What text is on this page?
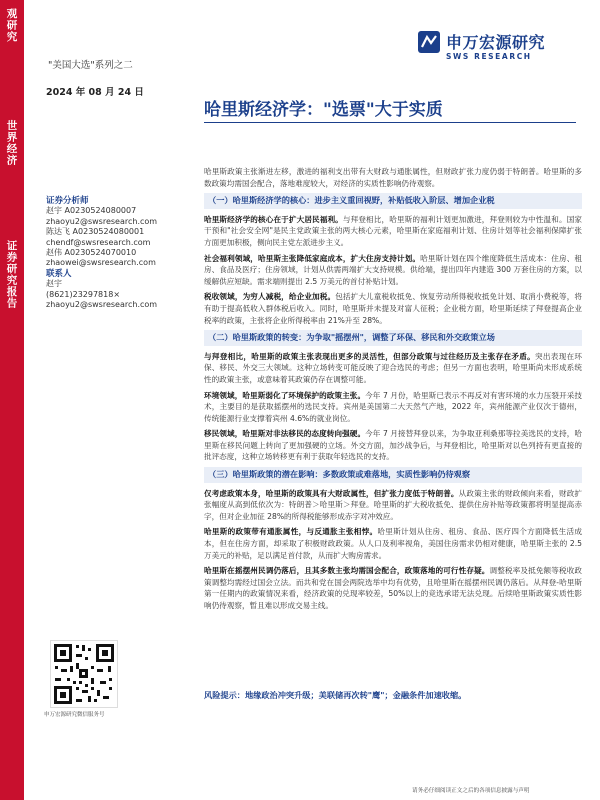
观研究
世界经济
证券研究报告
"美国大选"系列之二
2024 年 08 月 24 日
证券分析师
赵宇 A0230524080007
zhaoyu2@swsresearch.com
陈达飞 A0230524080001
chendf@swsresearch.com
赵伟 A0230524070010
zhaowei@swsresearch.com
联系人
赵宇
(8621)23297818×
zhaoyu2@swsresearch.com
申万宏源研究微信服务号
申万宏源研究
SWS RESEARCH
哈里斯经济学："选票"大于实质

哈里斯政策主张渐进左移，激进的福利支出带有大财政与通胀属性，但财政扩张力度仍弱于特朗普。哈里斯的多数政策均需国会配合，落地难度较大，对经济的实质性影响仍待观察。

（一）哈里斯经济学的核心：进步主义重回视野，补贴低收入阶层、增加企业税

哈里斯经济学的核心在于扩大居民福利。与拜登相比，哈里斯的福利计划更加激进，拜登则较为中性温和。国家干预和"社会安全网"是民主党政策主张的两大核心元素，哈里斯在家庭福利计划、住房计划等社会福利保障扩张方面更加积极，侧向民主党左派进步主义。

社会福利领域，哈里斯主张降低家庭成本，扩大住房支持计划。哈里斯计划在四个维度降低生活成本：住房、租房、食品及医疗；住房领域，计划从供需两端扩大支持规模。供给端，提出四年内建造 300 万套住房的方案，以缓解供应短缺。需求端则提出 2.5 万美元的首付补贴计划。

税收领域，为穷人减税，给企业加税。包括扩大儿童税收抵免、恢复劳动所得税收抵免计划、取消小费税等，将有助于提高低收入群体税后收入。同时，哈里斯并未提及对富人征税；企业税方面，哈里斯延续了拜登提高企业税率的政策，主张将企业所得税率由 21%升至 28%。

（二）哈里斯政策的转变：为争取"摇摆州"，调整了环保、移民和外交政策立场

与拜登相比，哈里斯的政策主张表现出更多的灵活性，但部分政策与过往经历及主张存在矛盾。突出表现在环保、移民、外交三大领域。这种立场转变可能反映了迎合选民的考虑；但另一方面也表明，哈里斯尚未形成系统性的政策主张，或意味着其政策仍存在调整可能。

环境领域，哈里斯弱化了环境保护的政策主张。今年 7 月份，哈里斯已表示不再反对有害环境的水力压裂开采技术，主要目的是获取摇摆州的选民支持。宾州是美国第二大天然气产地，2022 年，宾州能源产业仅次于德州，传统能源行业支撑着宾州 4.6%的就业岗位。

移民领域，哈里斯对非法移民的态度转向强硬。今年 7 月接替拜登以来，为争取亚利桑那等拉美选民的支持，哈里斯在移民问题上转向了更加强硬的立场。外交方面，加沙战争后，与拜登相比，哈里斯对以色列持有更直接的批评态度，这种立场转移更有利于获取年轻选民的支持。

（三）哈里斯政策的潜在影响：多数政策或难落地，实质性影响仍待观察

仅考虑政策本身，哈里斯的政策具有大财政属性，但扩张力度低于特朗普。从政策主张的财政倾向来看，财政扩张幅度从高到低依次为：特朗普＞哈里斯＞拜登。哈里斯的扩大税收抵免、提供住房补贴等政策都将明显提高赤字，但对企业加征 28%的所得税能够形成赤字对冲效应。

哈里斯的政策带有通胀属性，与反通胀主张相悖。哈里斯计划从住房、租房、食品、医疗四个方面降低生活成本，但在住房方面，却采取了积极财政政策。从人口及利率视角，美国住房需求仍相对健康，哈里斯主张的 2.5 万美元的补贴，足以满足首付款，从而扩大购房需求。

哈里斯在摇摆州民调仍落后，且其多数主张均需国会配合，政策落地的可行性存疑。调整税率及抵免额等税收政策调整均需经过国会立法。而共和党在国会两院选举中均有优势，且哈里斯在摇摆州民调仍落后。从拜登-哈里斯第一任期内的政策情况来看，经济政策的兑现率较差，50%以上的竞选承诺无法兑现。后续哈里斯政策实质性影响仍待观察，暂且难以形成交易主线。

风险提示：地缘政治冲突升级；美联储再次转"鹰"；金融条件加速收缩。
请务必仔细阅读正文之后的各项信息披露与声明
